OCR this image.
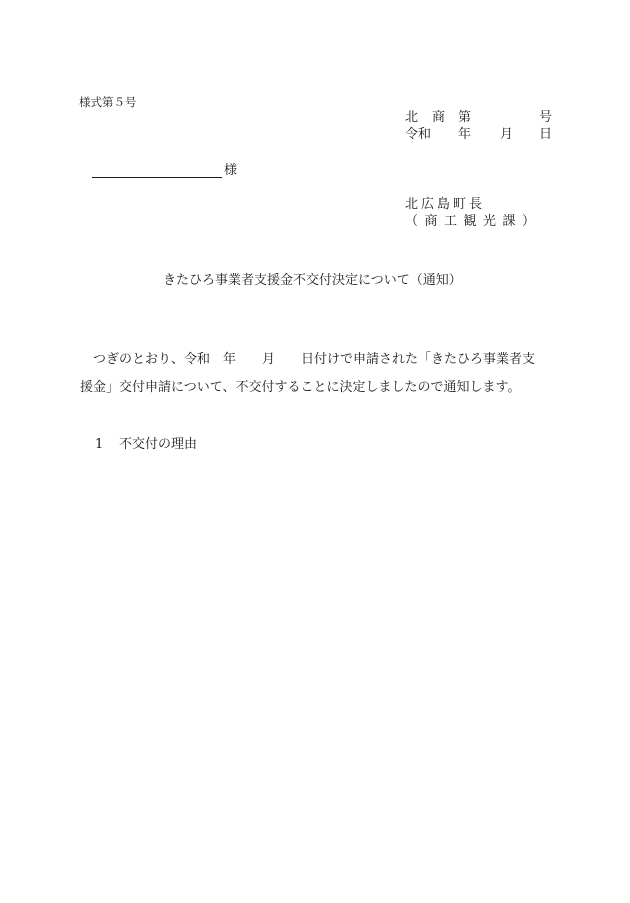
様式第５号
北 商 第	号
令和 年 月 日
様
北広島町長
（商工観光課）
きたひろ事業者支援金不交付決定について（通知）
つぎのとおり、令和　年　　月　　日付けで申請された「きたひろ事業者支
援金」交付申請について、不交付することに決定しましたので通知します。
1 不交付の理由
